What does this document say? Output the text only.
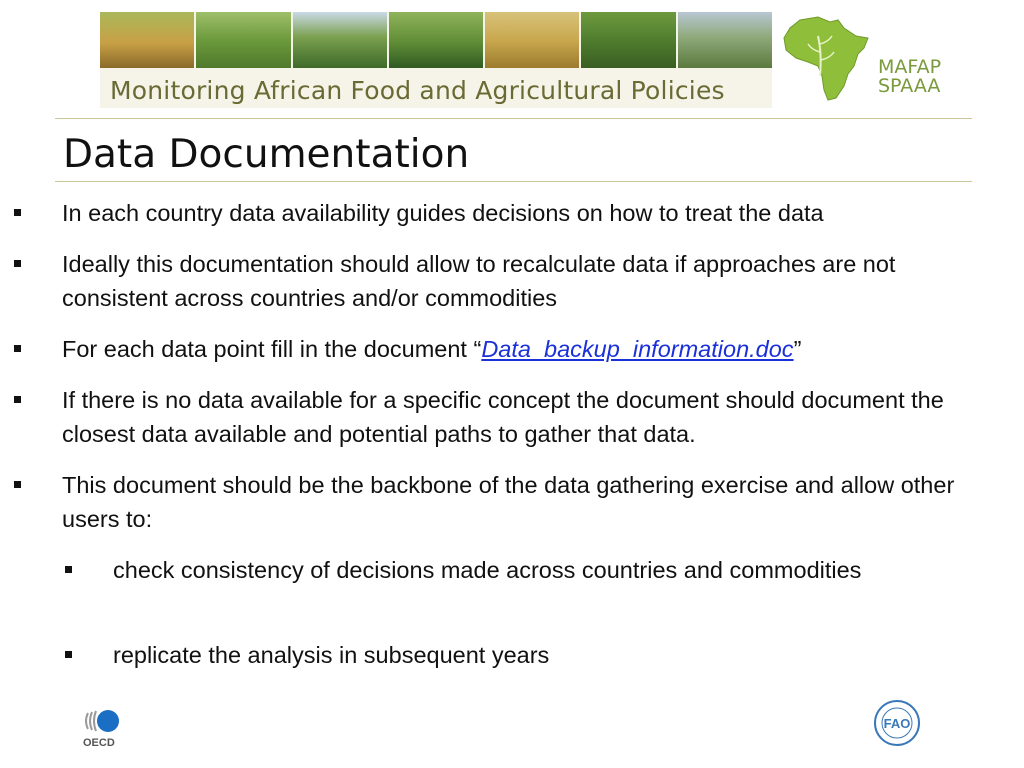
Monitoring African Food and Agricultural Policies
MAFAP
SPAAA
Data Documentation
In each country data availability guides decisions on how to treat the data
Ideally this documentation should allow to recalculate data if approaches are not consistent across countries and/or commodities
For each data point fill in the document “Data_backup_information.doc”
If there is no data available for a specific concept the document should document the closest data available and potential paths to gather that data.
This document should be the backbone of the data gathering exercise and allow other users to:
check consistency of decisions made across countries and commodities
replicate the analysis in subsequent years
OECD
FAO
